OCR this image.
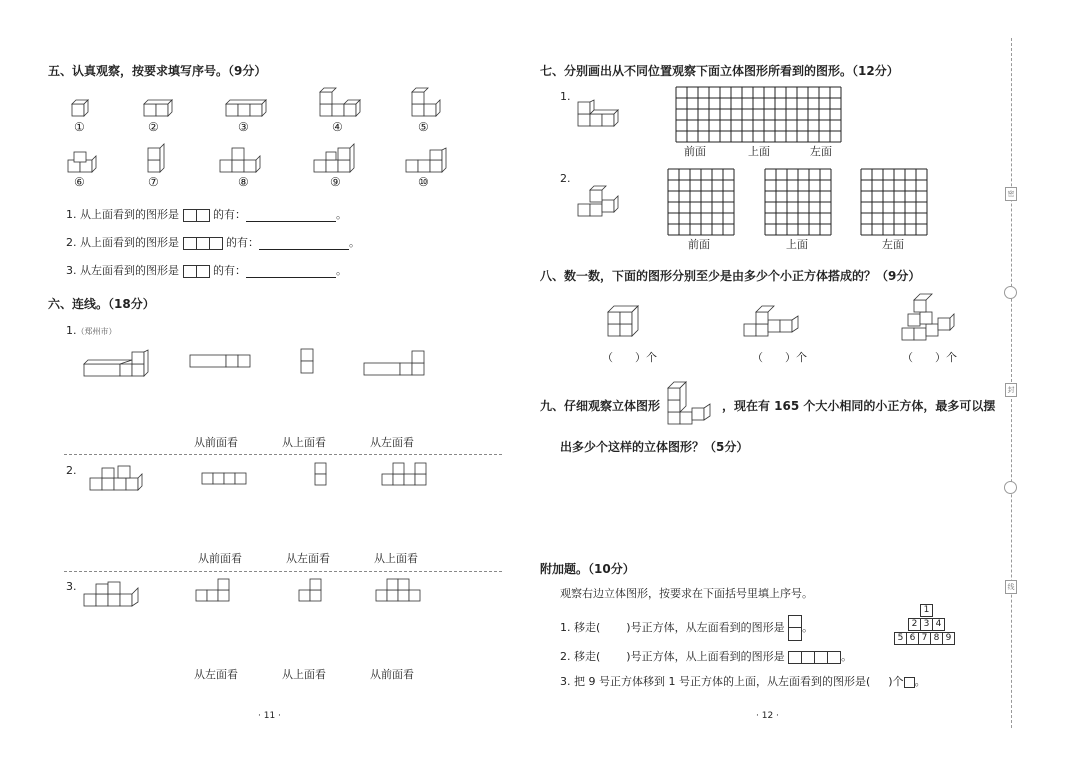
五、认真观察，按要求填写序号。（9分）
①	②	③	④	⑤
⑥	⑦	⑧	⑨	⑩
1. 从上面看到的图形是	的有：	。
2. 从上面看到的图形是	的有：	。
3. 从左面看到的图形是	的有：	。
六、连线。（18分）
1.（郑州市）
从前面看	从上面看	从左面看
2.
从前面看	从左面看	从上面看
3.
从左面看	从上面看	从前面看
· 11 ·
七、分别画出从不同位置观察下面立体图形所看到的图形。（12分）
1.
前面	上面	左面
2.
前面	上面	左面
八、数一数，下面的图形分别至少是由多少个小正方体搭成的？（9分）
（　　）个	（　　）个	（　　）个
九、仔细观察立体图形	，现在有 165 个大小相同的小正方体，最多可以摆
出多少个这样的立体图形？（5分）
附加题。（10分）
观察右边立体图形，按要求在下面括号里填上序号。
1. 移走( )号正方体，从左面看到的图形是 。
2. 移走( )号正方体，从上面看到的图形是	。
3. 把 9 号正方体移到 1 号正方体的上面，从左面看到的图形是( )个 。
1
2 3 4
5 6 7 8 9
· 12 ·
密
封
线
